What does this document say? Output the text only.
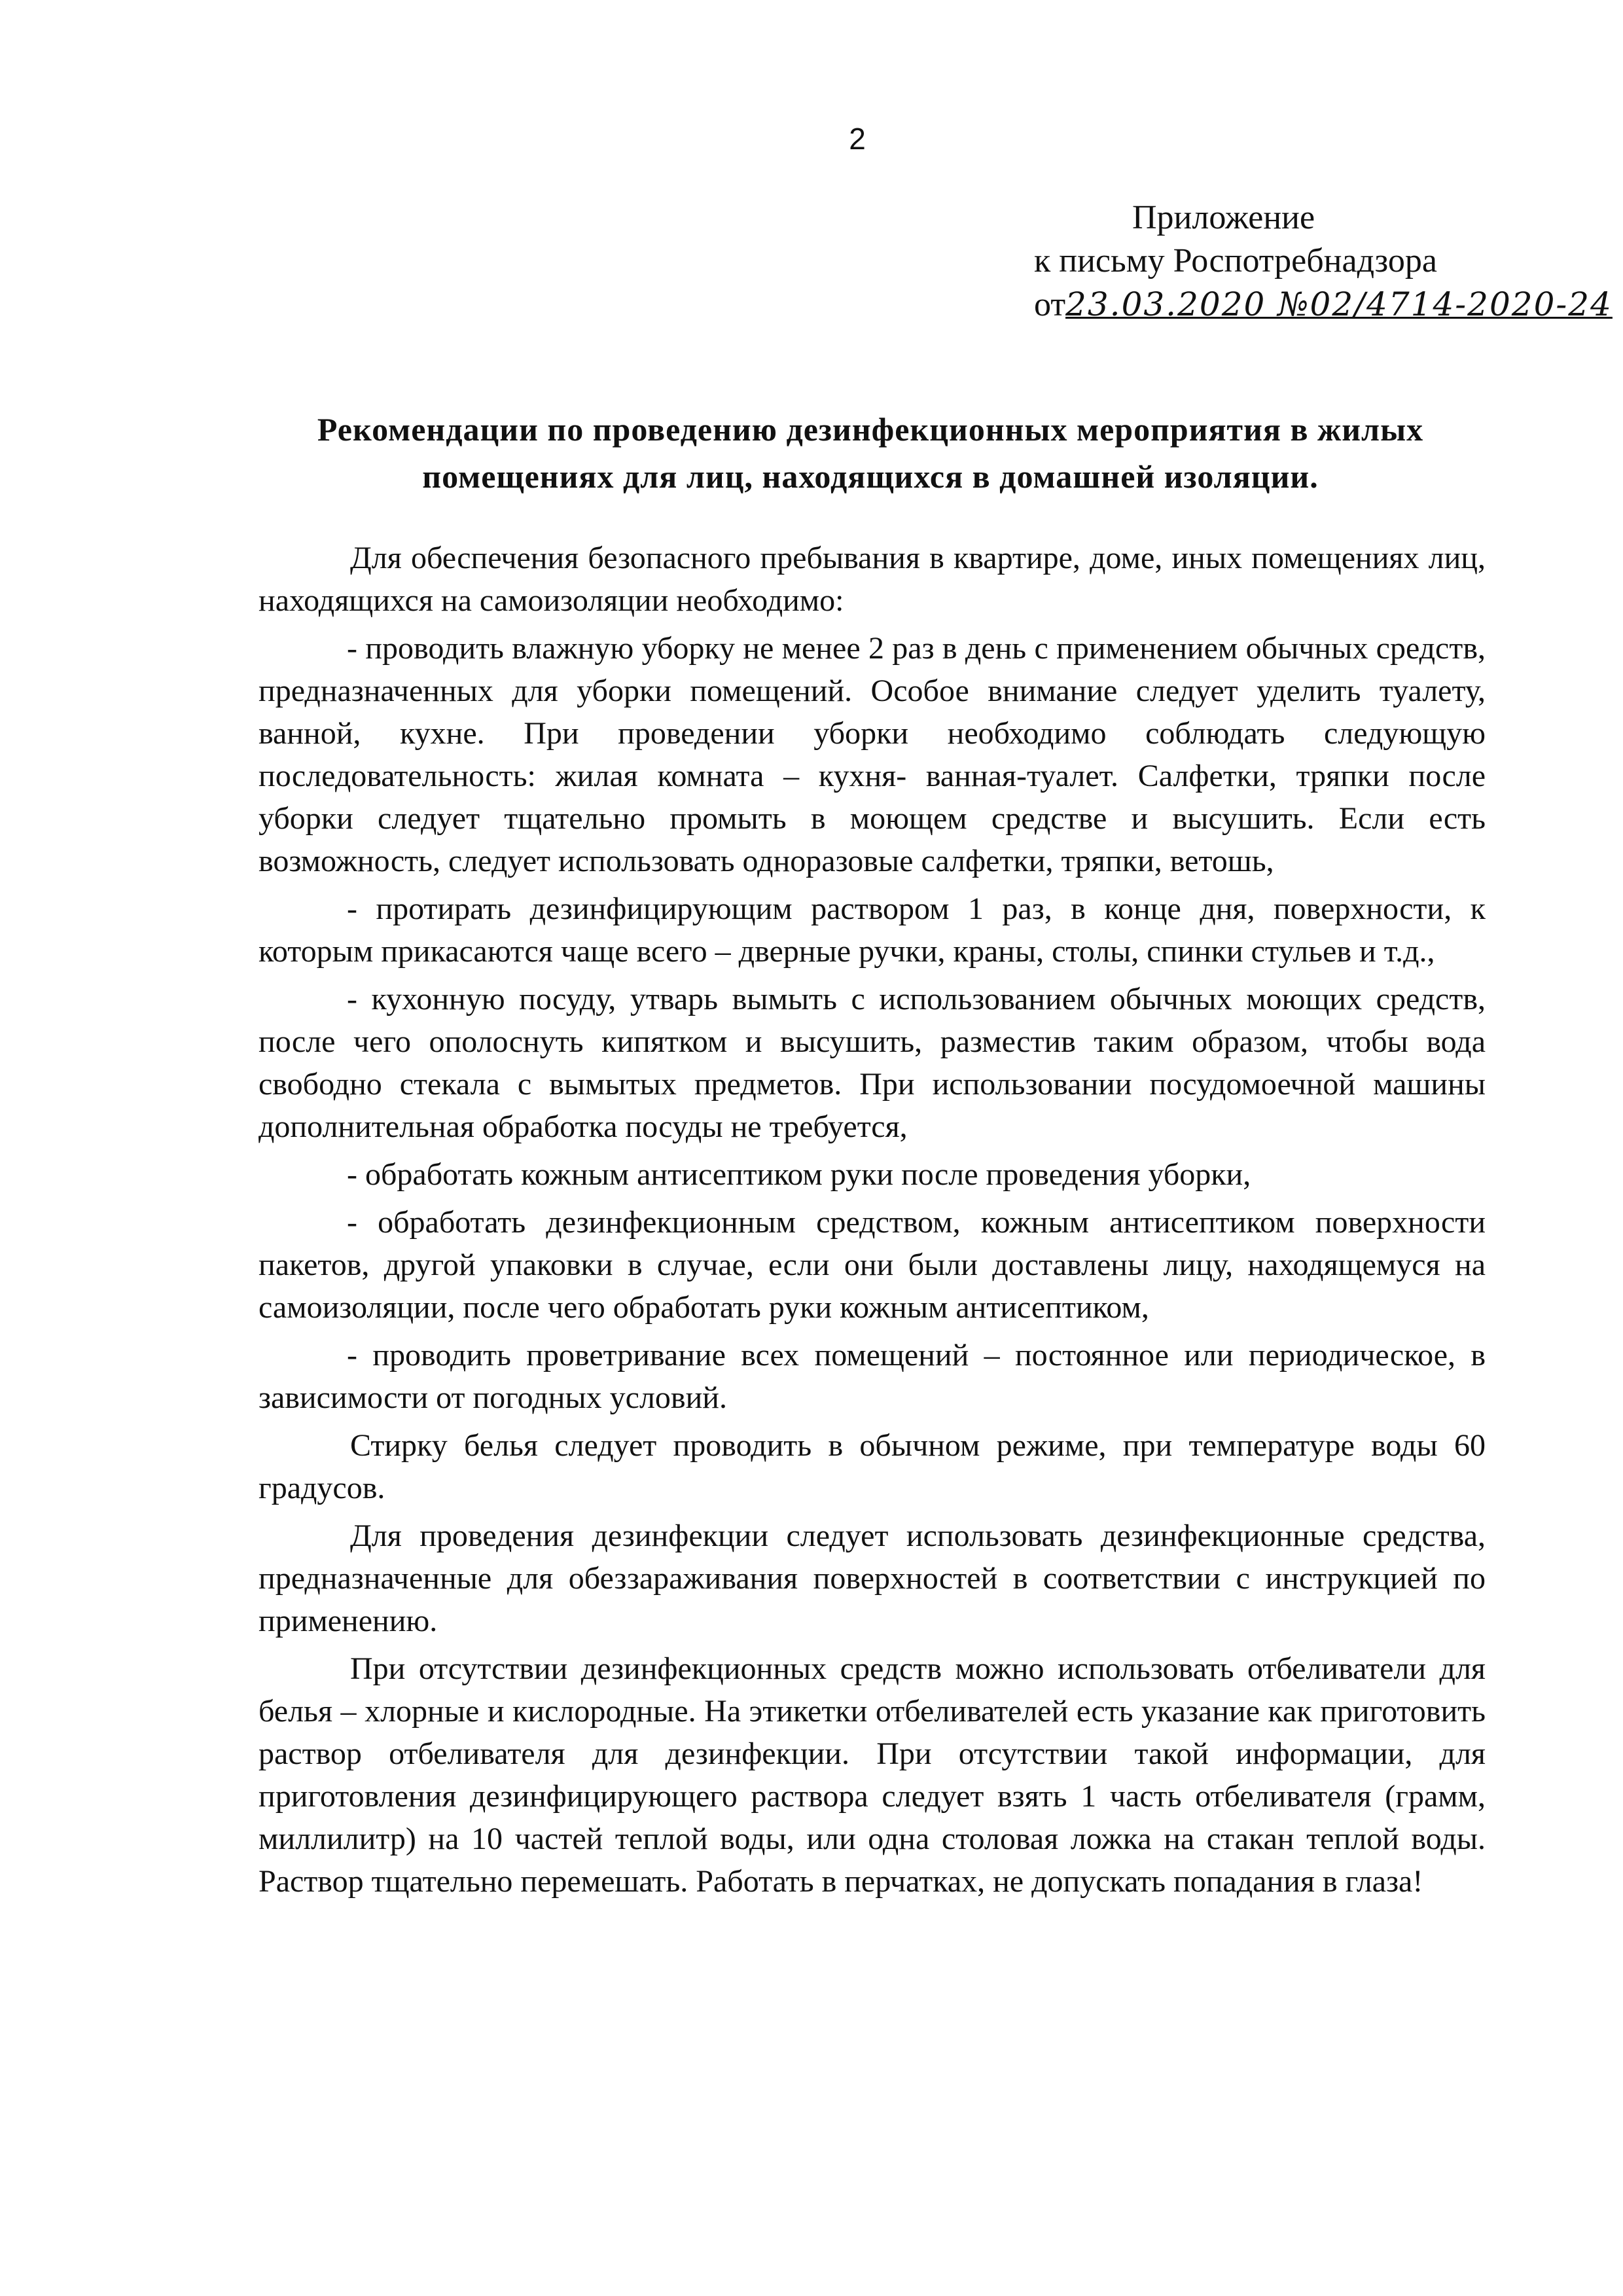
2
Приложение
к письму Роспотребнадзора
от23.03.2020 №02/4714-2020-24
Рекомендации по проведению дезинфекционных мероприятия в жилых
помещениях для лиц, находящихся в домашней изоляции.

Для обеспечения безопасного пребывания в квартире, доме, иных помещениях лиц, находящихся на самоизоляции необходимо:

- проводить влажную уборку не менее 2 раз в день с применением обычных средств, предназначенных для уборки помещений. Особое внимание следует уделить туалету, ванной, кухне. При проведении уборки необходимо соблюдать следующую последовательность: жилая комната – кухня- ванная-туалет. Салфетки, тряпки после уборки следует тщательно промыть в моющем средстве и высушить. Если есть возможность, следует использовать одноразовые салфетки, тряпки, ветошь,

- протирать дезинфицирующим раствором 1 раз, в конце дня, поверхности, к которым прикасаются чаще всего – дверные ручки, краны, столы, спинки стульев и т.д.,

- кухонную посуду, утварь вымыть с использованием обычных моющих средств, после чего ополоснуть кипятком и высушить, разместив таким образом, чтобы вода свободно стекала с вымытых предметов. При использовании посудомоечной машины дополнительная обработка посуды не требуется,

- обработать кожным антисептиком руки после проведения уборки,

- обработать дезинфекционным средством, кожным антисептиком поверхности пакетов, другой упаковки в случае, если они были доставлены лицу, находящемуся на самоизоляции, после чего обработать руки кожным антисептиком,

- проводить проветривание всех помещений – постоянное или периодическое, в зависимости от погодных условий.

Стирку белья следует проводить в обычном режиме, при температуре воды 60 градусов.

Для проведения дезинфекции следует использовать дезинфекционные средства, предназначенные для обеззараживания поверхностей в соответствии с инструкцией по применению.

При отсутствии дезинфекционных средств можно использовать отбеливатели для белья – хлорные и кислородные. На этикетки отбеливателей есть указание как приготовить раствор отбеливателя для дезинфекции. При отсутствии такой информации, для приготовления дезинфицирующего раствора следует взять 1 часть отбеливателя (грамм, миллилитр) на 10 частей теплой воды, или одна столовая ложка на стакан теплой воды. Раствор тщательно перемешать. Работать в перчатках, не допускать попадания в глаза!
